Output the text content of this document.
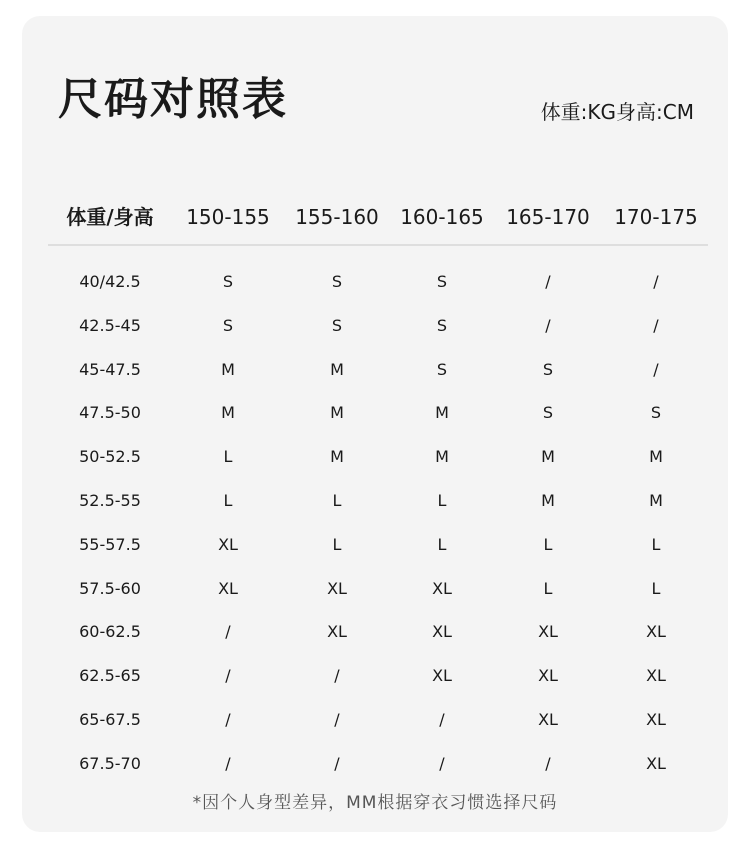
尺码对照表	体重:KG身高:CM
体重/身高 150-155 155-160 160-165 165-170 170-175
40/42.5	S	S	S	/	/
42.5-45	S	S	S	/	/
45-47.5	M	M	S	S	/
47.5-50	M	M	M	S	S
50-52.5	L	M	M	M	M
52.5-55	L	L	L	M	M
55-57.5	XL	L	L	L	L
57.5-60	XL	XL	XL	L	L
60-62.5	/	XL	XL	XL	XL
62.5-65	/	/	XL	XL	XL
65-67.5	/	/	/	XL	XL
67.5-70	/	/	/	/	XL
*因个人身型差异，MM根据穿衣习惯选择尺码
